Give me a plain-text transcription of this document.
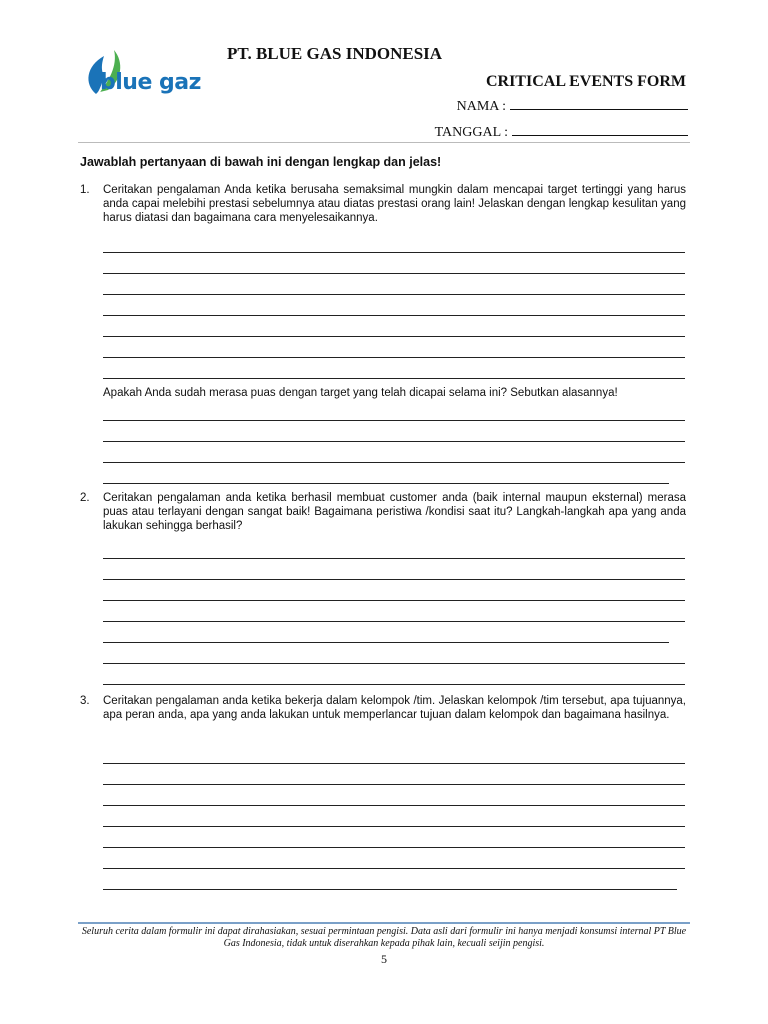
blue gaz
PT. BLUE GAS INDONESIA
CRITICAL EVENTS FORM
NAMA :
TANGGAL :
Jawablah pertanyaan di bawah ini dengan lengkap dan jelas!
1. Ceritakan pengalaman Anda ketika berusaha semaksimal mungkin dalam mencapai target tertinggi yang harus anda capai melebihi prestasi sebelumnya atau diatas prestasi orang lain! Jelaskan dengan lengkap kesulitan yang harus diatasi dan bagaimana cara menyelesaikannya.
Apakah Anda sudah merasa puas dengan target yang telah dicapai selama ini? Sebutkan alasannya!
2. Ceritakan pengalaman anda ketika berhasil membuat customer anda (baik internal maupun eksternal) merasa puas atau terlayani dengan sangat baik! Bagaimana peristiwa /kondisi saat itu? Langkah-langkah apa yang anda lakukan sehingga berhasil?
3. Ceritakan pengalaman anda ketika bekerja dalam kelompok /tim. Jelaskan kelompok /tim tersebut, apa tujuannya, apa peran anda, apa yang anda lakukan untuk memperlancar tujuan dalam kelompok dan bagaimana hasilnya.
Seluruh cerita dalam formulir ini dapat dirahasiakan, sesuai permintaan pengisi. Data asli dari formulir ini hanya menjadi konsumsi internal PT Blue Gas Indonesia, tidak untuk diserahkan kepada pihak lain, kecuali seijin pengisi.
5
